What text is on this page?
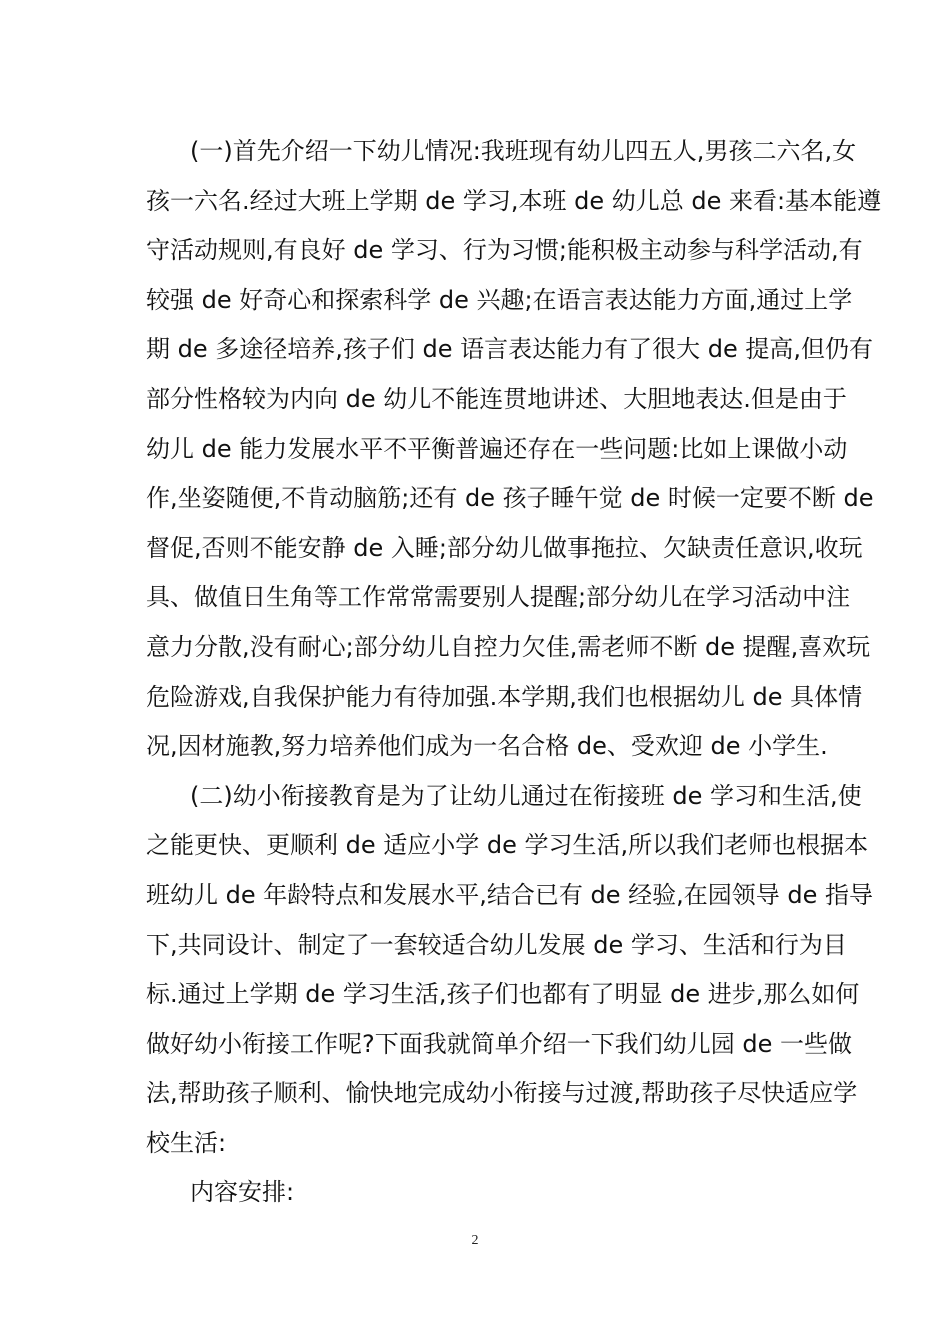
(一)首先介绍一下幼儿情况:我班现有幼儿四五人,男孩二六名,女
孩一六名.经过大班上学期 de 学习,本班 de 幼儿总 de 来看:基本能遵
守活动规则,有良好 de 学习、行为习惯;能积极主动参与科学活动,有
较强 de 好奇心和探索科学 de 兴趣;在语言表达能力方面,通过上学
期 de 多途径培养,孩子们 de 语言表达能力有了很大 de 提高,但仍有
部分性格较为内向 de 幼儿不能连贯地讲述、大胆地表达.但是由于
幼儿 de 能力发展水平不平衡普遍还存在一些问题:比如上课做小动
作,坐姿随便,不肯动脑筋;还有 de 孩子睡午觉 de 时候一定要不断 de
督促,否则不能安静 de 入睡;部分幼儿做事拖拉、欠缺责任意识,收玩
具、做值日生角等工作常常需要别人提醒;部分幼儿在学习活动中注
意力分散,没有耐心;部分幼儿自控力欠佳,需老师不断 de 提醒,喜欢玩
危险游戏,自我保护能力有待加强.本学期,我们也根据幼儿 de 具体情
况,因材施教,努力培养他们成为一名合格 de、受欢迎 de 小学生.
(二)幼小衔接教育是为了让幼儿通过在衔接班 de 学习和生活,使
之能更快、更顺利 de 适应小学 de 学习生活,所以我们老师也根据本
班幼儿 de 年龄特点和发展水平,结合已有 de 经验,在园领导 de 指导
下,共同设计、制定了一套较适合幼儿发展 de 学习、生活和行为目
标.通过上学期 de 学习生活,孩子们也都有了明显 de 进步,那么如何
做好幼小衔接工作呢?下面我就简单介绍一下我们幼儿园 de 一些做
法,帮助孩子顺利、愉快地完成幼小衔接与过渡,帮助孩子尽快适应学
校生活:
内容安排:
2
